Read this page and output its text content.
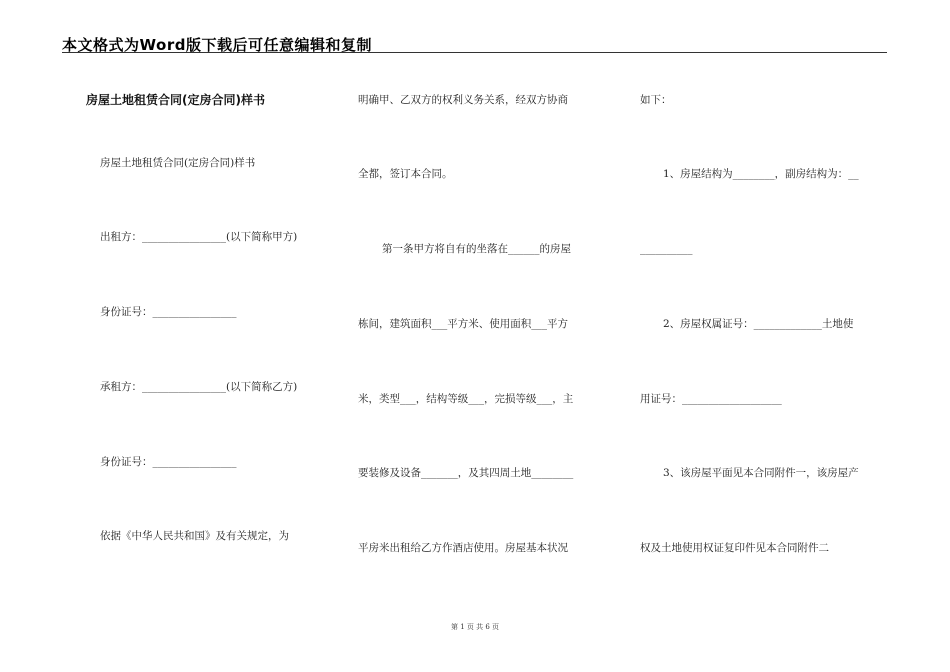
本文格式为Word版下载后可任意编辑和复制
房屋土地租赁合同(定房合同)样书
房屋土地租赁合同(定房合同)样书
出租方：________________(以下简称甲方)
身份证号：________________
承租方：________________(以下简称乙方)
身份证号：________________
依据《中华人民共和国》及有关规定，为
明确甲、乙双方的权利义务关系，经双方协商
全都，签订本合同。
第一条甲方将自有的坐落在______的房屋
栋间，建筑面积___平方米、使用面积___平方
米，类型___，结构等级___，完损等级___，主
要装修及设备_______，及其四周土地________
平房米出租给乙方作酒店使用。房屋基本状况
如下：
1、房屋结构为________，副房结构为：__
__________
2、房屋权属证号：_____________土地使
用证号：___________________
3、该房屋平面见本合同附件一，该房屋产
权及土地使用权证复印件见本合同附件二
第 1 页 共 6 页
